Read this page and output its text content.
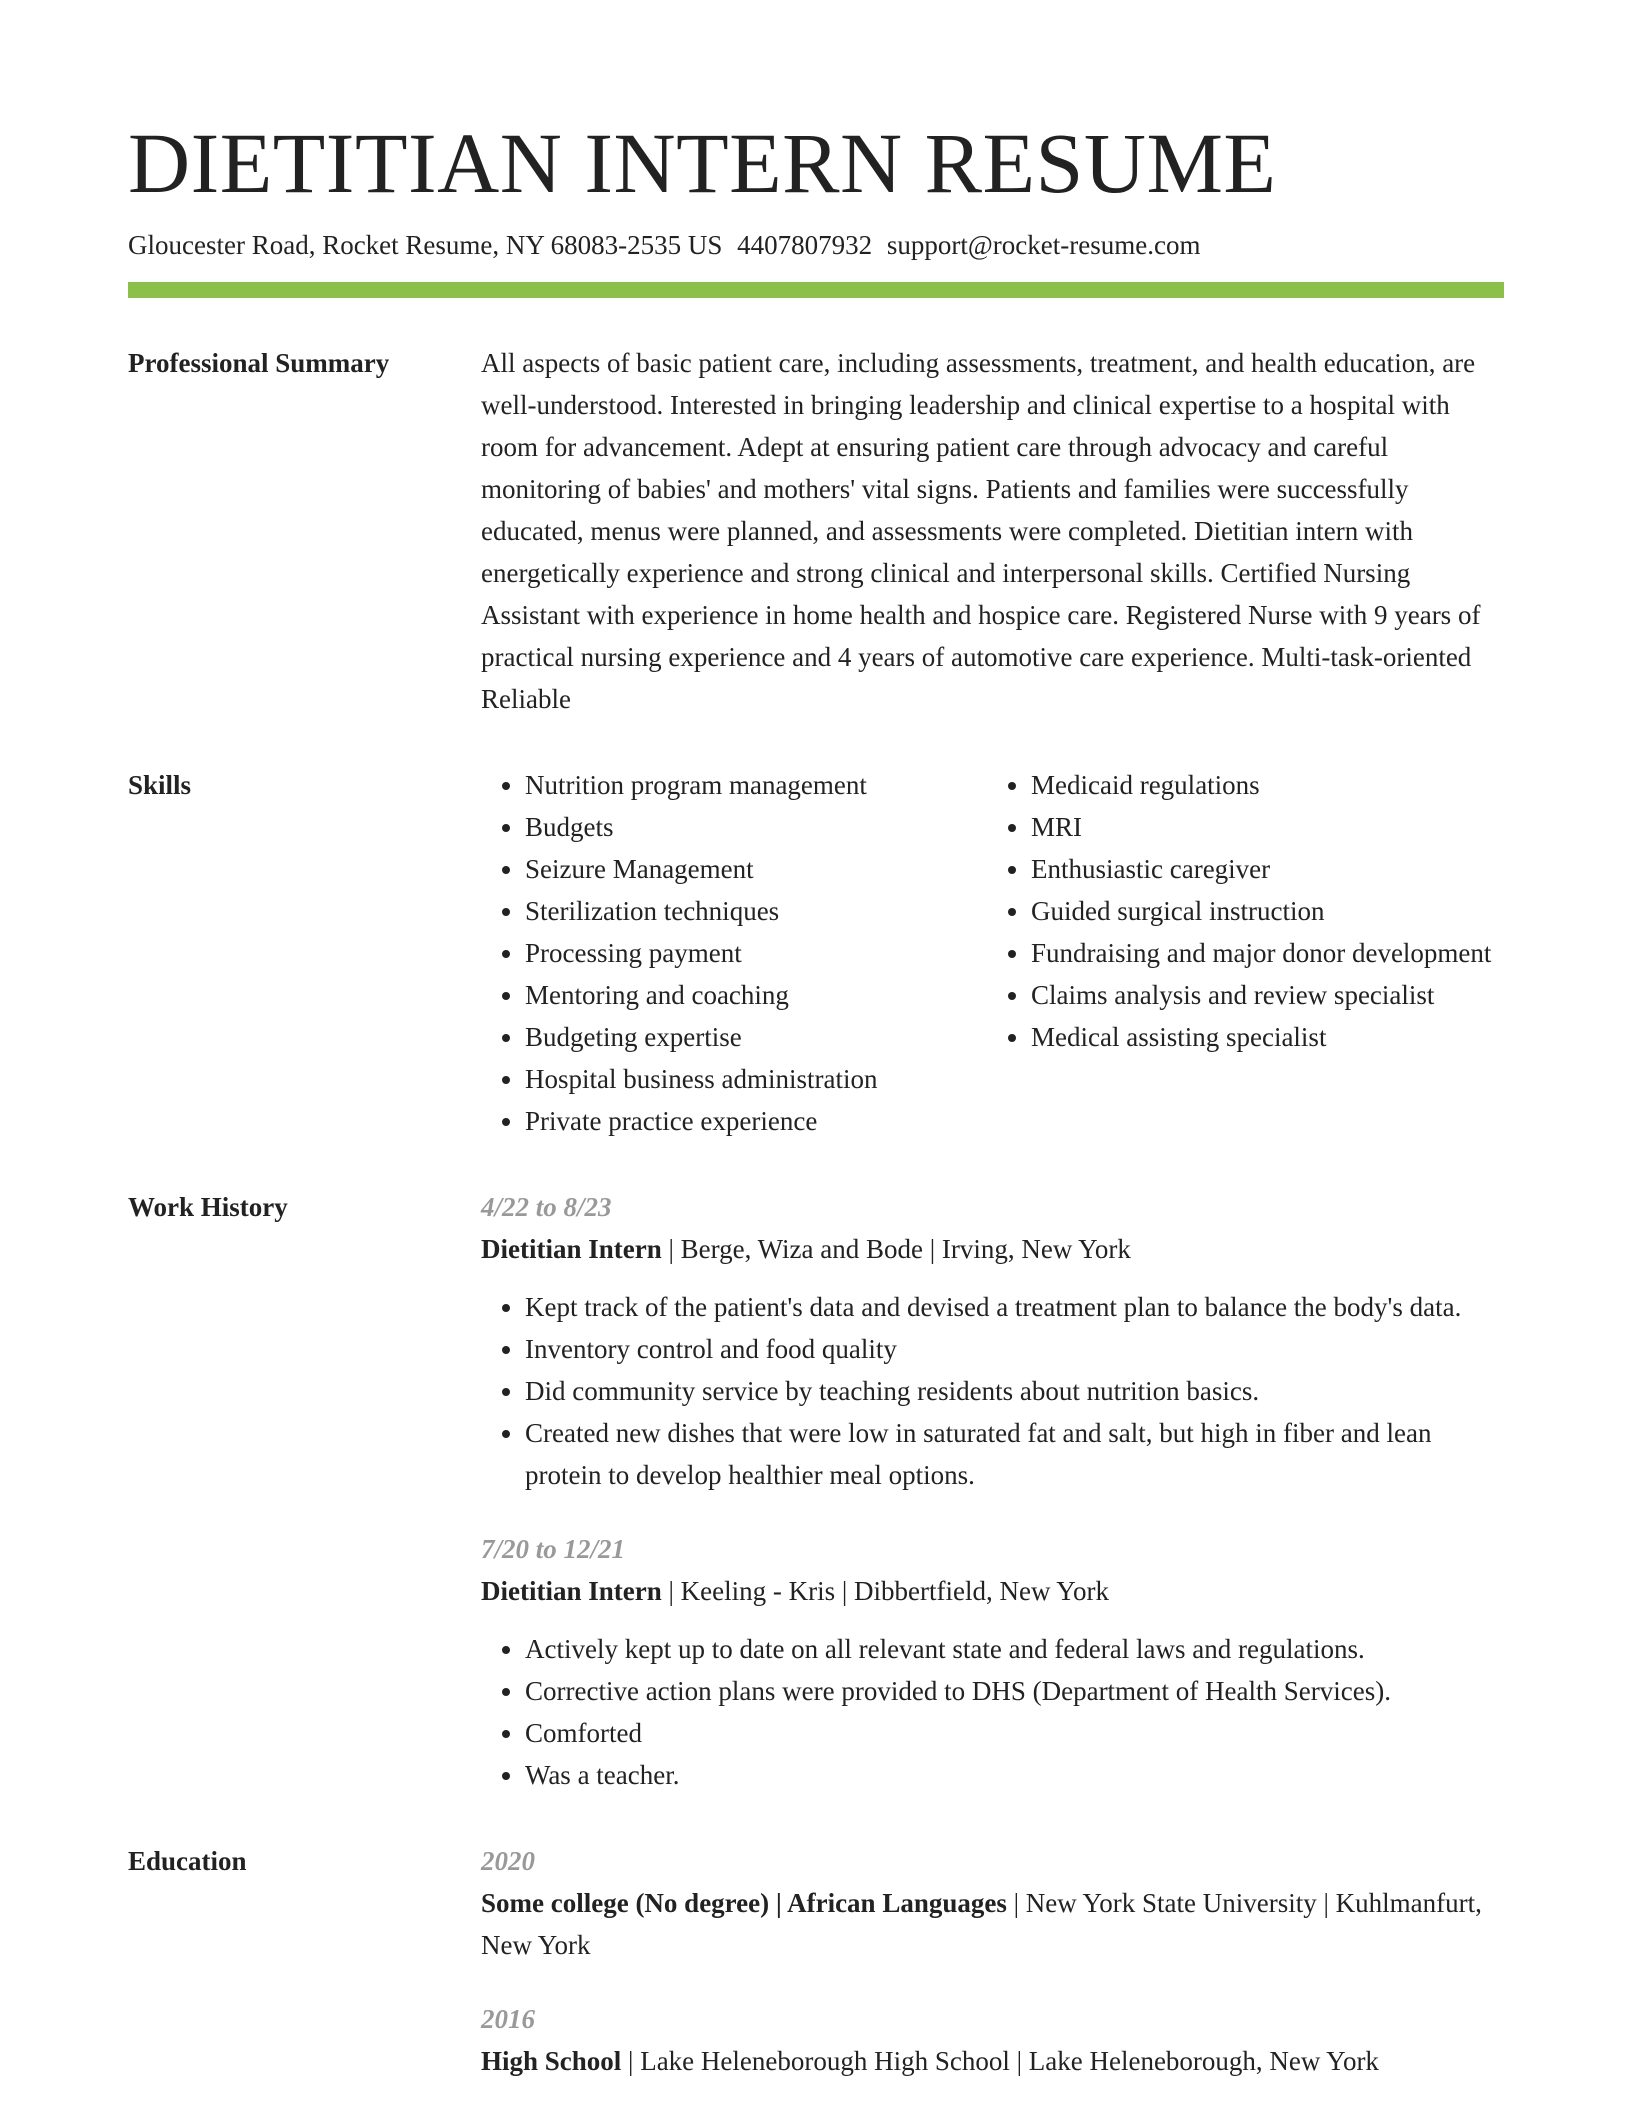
DIETITIAN INTERN RESUME
Gloucester Road, Rocket Resume, NY 68083-2535 US 4407807932 support@rocket-resume.com
Professional Summary	All aspects of basic patient care, including assessments, treatment, and health education, are well-understood. Interested in bringing leadership and clinical expertise to a hospital with room for advancement. Adept at ensuring patient care through advocacy and careful monitoring of babies' and mothers' vital signs. Patients and families were successfully educated, menus were planned, and assessments were completed. Dietitian intern with energetically experience and strong clinical and interpersonal skills. Certified Nursing Assistant with experience in home health and hospice care. Registered Nurse with 9 years of practical nursing experience and 4 years of automotive care experience. Multi-task-oriented Reliable

Skills
•	Nutrition program management
• Budgets
• Seizure Management
• Sterilization techniques
• Processing payment
• Mentoring and coaching
• Budgeting expertise
• Hospital business administration
• Private practice experience
• Medicaid regulations
• MRI
• Enthusiastic caregiver
• Guided surgical instruction
• Fundraising and major donor development
• Claims analysis and review specialist
• Medical assisting specialist
Work History	4/22 to 8/23
Dietitian Intern | Berge, Wiza and Bode | Irving, New York
• Kept track of the patient's data and devised a treatment plan to balance the body's data.
• Inventory control and food quality
• Did community service by teaching residents about nutrition basics.
• Created new dishes that were low in saturated fat and salt, but high in fiber and lean protein to develop healthier meal options.
7/20 to 12/21
Dietitian Intern | Keeling - Kris | Dibbertfield, New York
• Actively kept up to date on all relevant state and federal laws and regulations.
• Corrective action plans were provided to DHS (Department of Health Services).
• Comforted
• Was a teacher.
Education	2020
Some college (No degree) | African Languages | New York State University | Kuhlmanfurt, New York
2016
High School | Lake Heleneborough High School | Lake Heleneborough, New York
